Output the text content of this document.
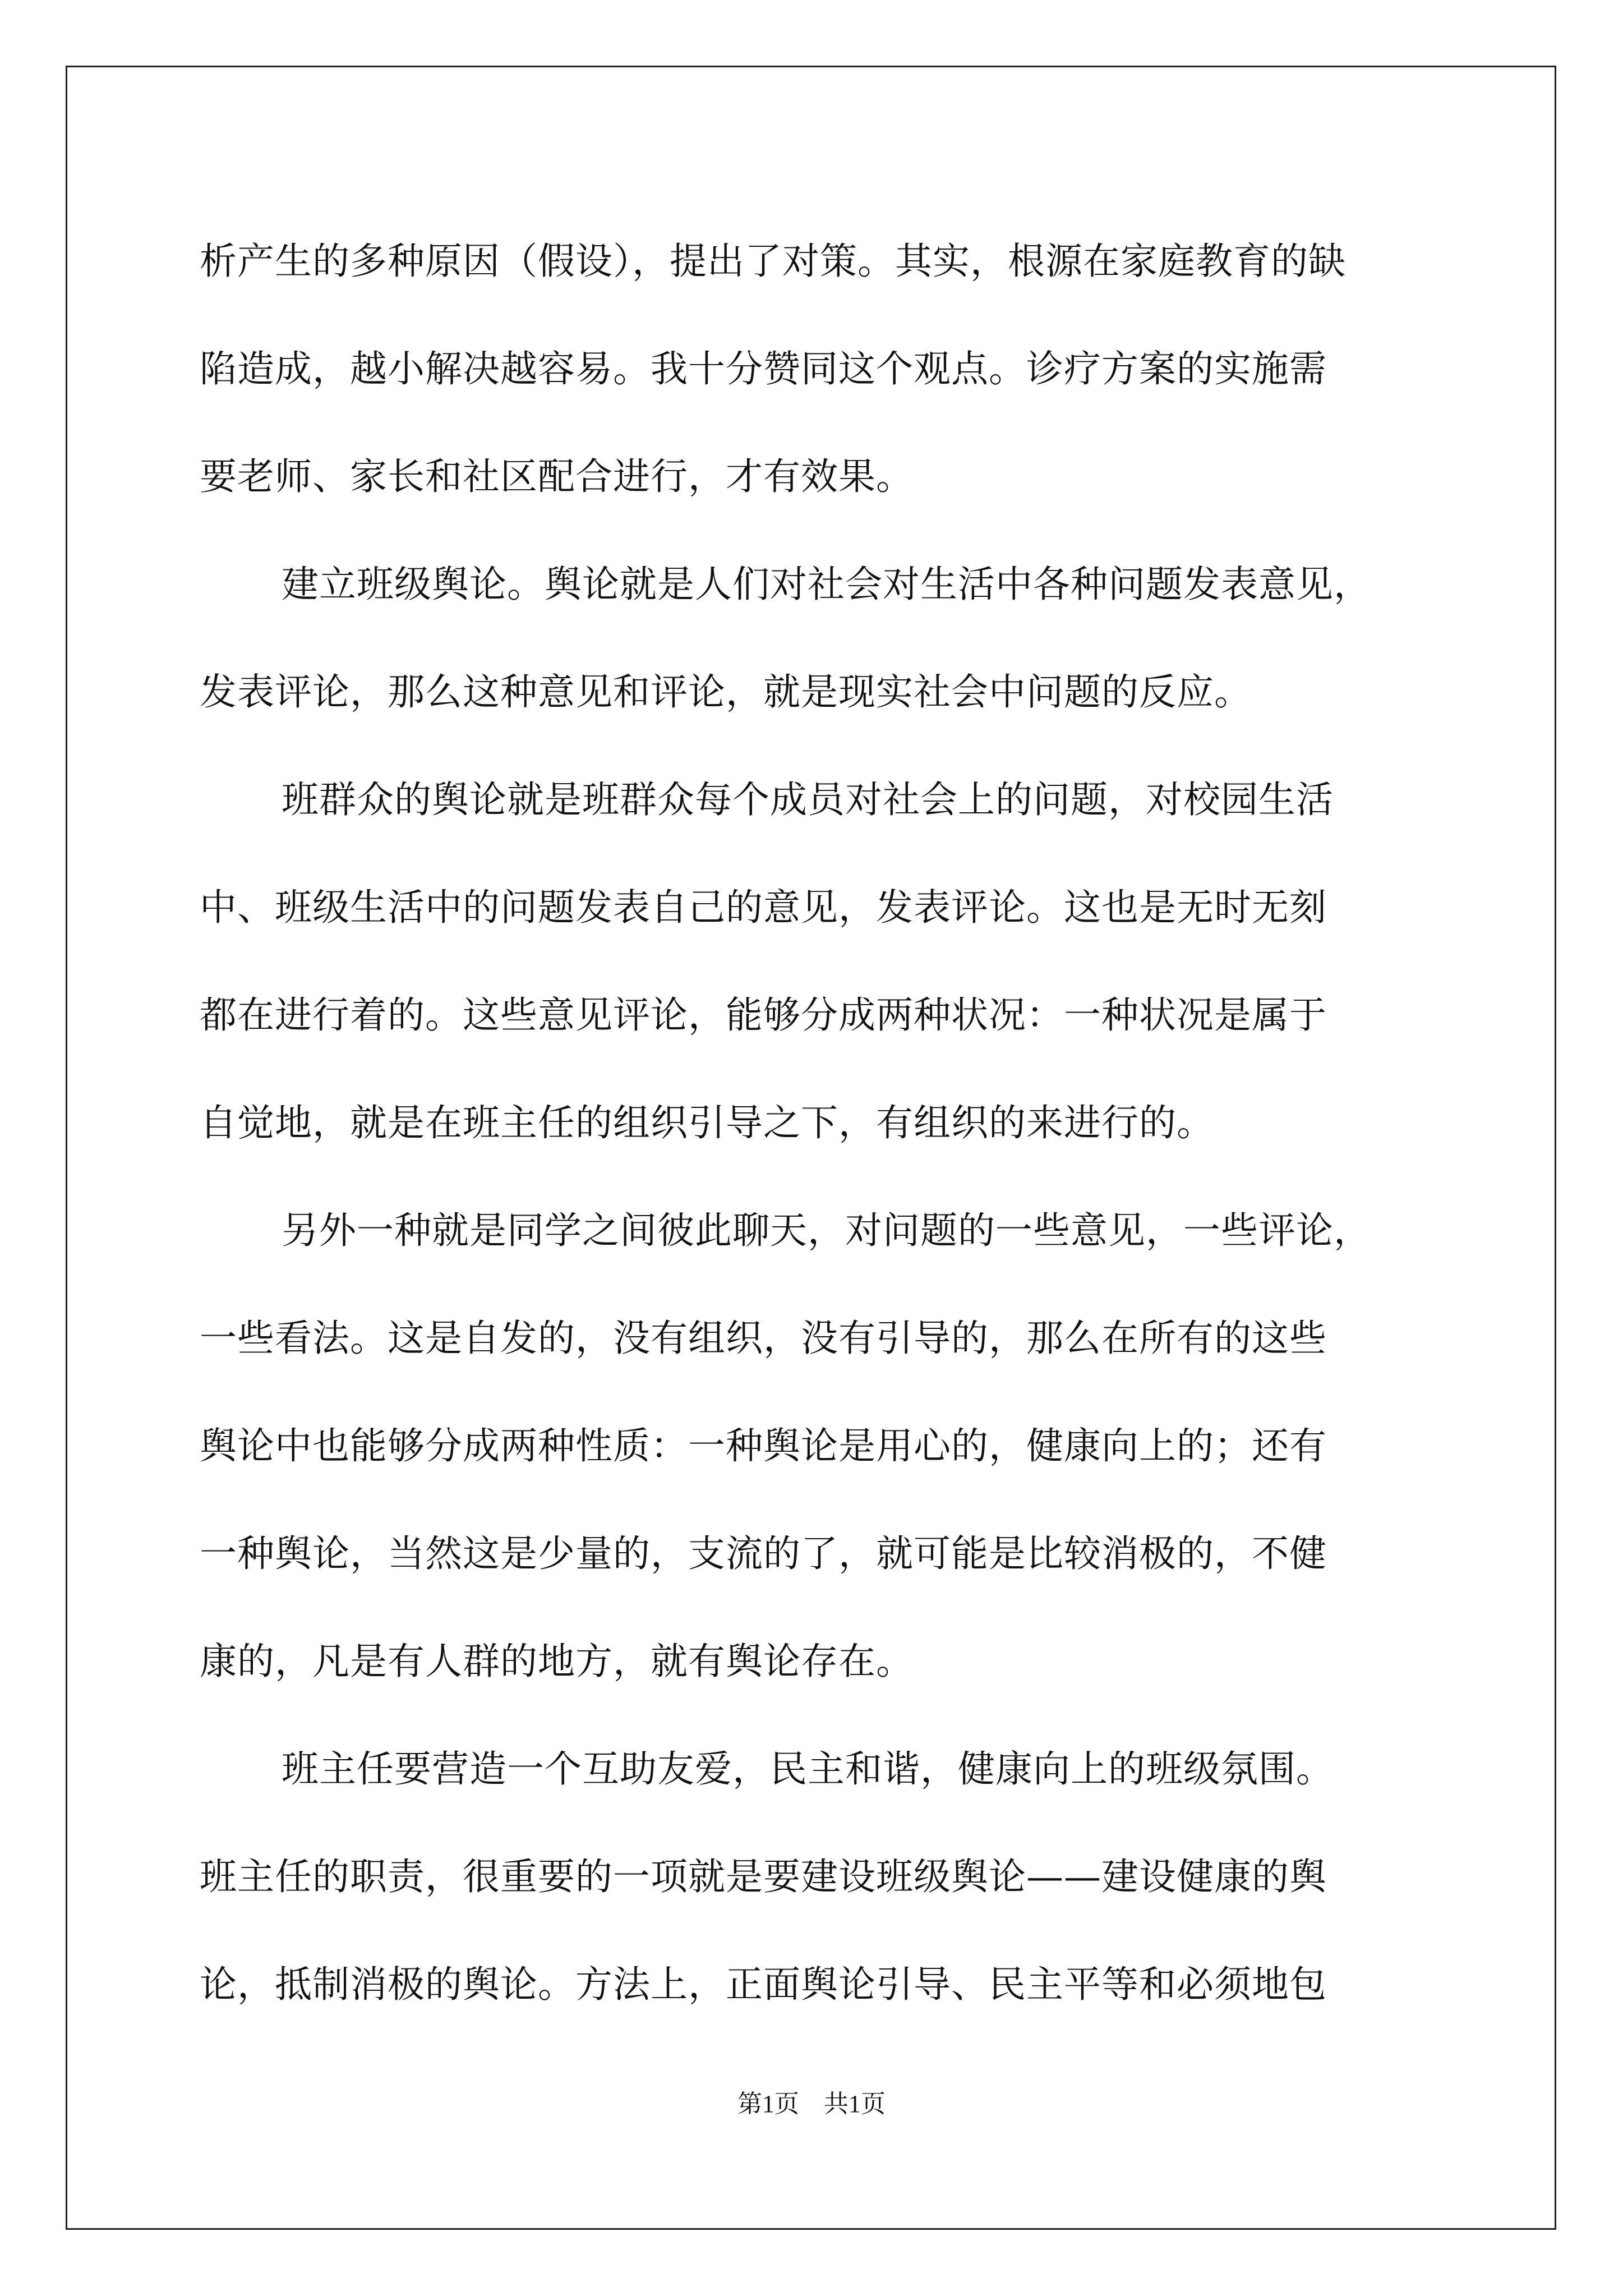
析产生的多种原因（假设），提出了对策。其实，根源在家庭教育的缺

陷造成，越小解决越容易。我十分赞同这个观点。诊疗方案的实施需

要老师、家长和社区配合进行，才有效果。

建立班级舆论。舆论就是人们对社会对生活中各种问题发表意见，

发表评论，那么这种意见和评论，就是现实社会中问题的反应。

班群众的舆论就是班群众每个成员对社会上的问题，对校园生活

中、班级生活中的问题发表自己的意见，发表评论。这也是无时无刻

都在进行着的。这些意见评论，能够分成两种状况：一种状况是属于

自觉地，就是在班主任的组织引导之下，有组织的来进行的。

另外一种就是同学之间彼此聊天，对问题的一些意见，一些评论，

一些看法。这是自发的，没有组织，没有引导的，那么在所有的这些

舆论中也能够分成两种性质：一种舆论是用心的，健康向上的；还有

一种舆论，当然这是少量的，支流的了，就可能是比较消极的，不健

康的，凡是有人群的地方，就有舆论存在。

班主任要营造一个互助友爱，民主和谐，健康向上的班级氛围。

班主任的职责，很重要的一项就是要建设班级舆论——建设健康的舆

论，抵制消极的舆论。方法上，正面舆论引导、民主平等和必须地包

第1页　共1页
